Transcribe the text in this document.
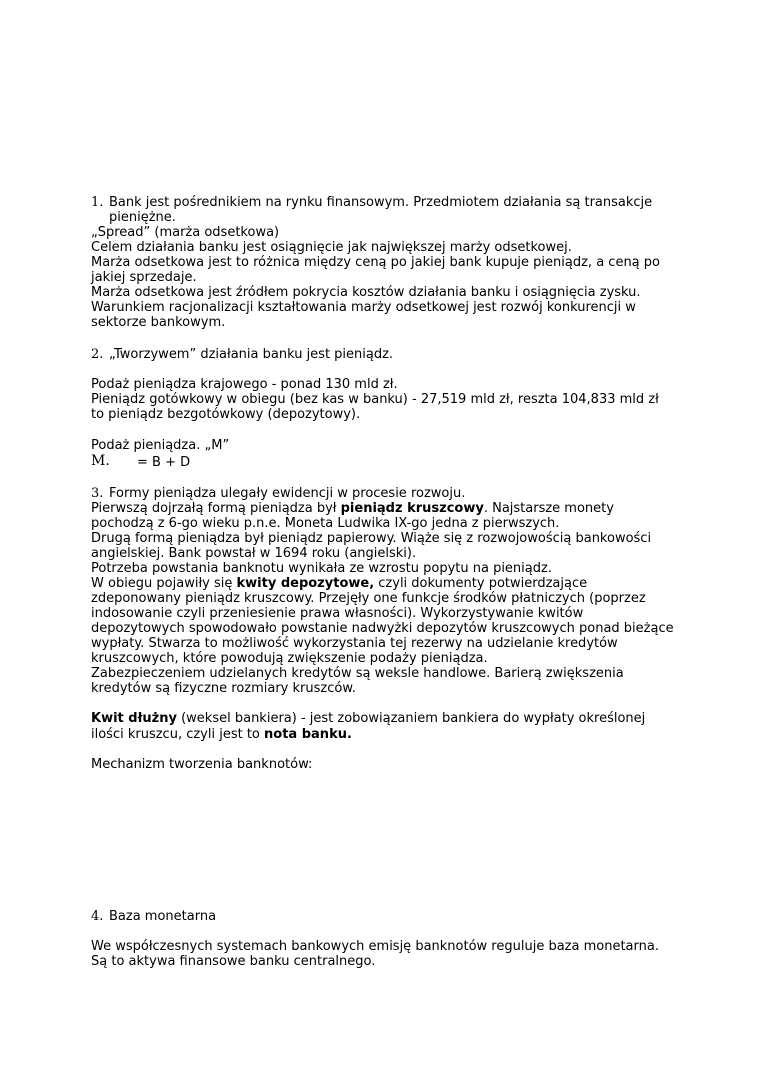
1. Bank jest pośrednikiem na rynku finansowym. Przedmiotem działania są transakcje
pieniężne.
„Spread” (marża odsetkowa)
Celem działania banku jest osiągnięcie jak największej marży odsetkowej.
Marża odsetkowa jest to różnica między ceną po jakiej bank kupuje pieniądz, a ceną po
jakiej sprzedaje.
Marża odsetkowa jest źródłem pokrycia kosztów działania banku i osiągnięcia zysku.
Warunkiem racjonalizacji kształtowania marży odsetkowej jest rozwój konkurencji w
sektorze bankowym.
2. „Tworzywem” działania banku jest pieniądz.
Podaż pieniądza krajowego - ponad 130 mld zł.
Pieniądz gotówkowy w obiegu (bez kas w banku) - 27,519 mld zł, reszta 104,833 mld zł
to pieniądz bezgotówkowy (depozytowy).
Podaż pieniądza. „M”
M. = B + D
3. Formy pieniądza ulegały ewidencji w procesie rozwoju.
Pierwszą dojrzałą formą pieniądza był pieniądz kruszcowy. Najstarsze monety
pochodzą z 6-go wieku p.n.e. Moneta Ludwika IX-go jedna z pierwszych.
Drugą formą pieniądza był pieniądz papierowy. Wiąże się z rozwojowością bankowości
angielskiej. Bank powstał w 1694 roku (angielski).
Potrzeba powstania banknotu wynikała ze wzrostu popytu na pieniądz.
W obiegu pojawiły się kwity depozytowe, czyli dokumenty potwierdzające
zdeponowany pieniądz kruszcowy. Przejęły one funkcje środków płatniczych (poprzez
indosowanie czyli przeniesienie prawa własności). Wykorzystywanie kwitów
depozytowych spowodowało powstanie nadwyżki depozytów kruszcowych ponad bieżące
wypłaty. Stwarza to możliwość wykorzystania tej rezerwy na udzielanie kredytów
kruszcowych, które powodują zwiększenie podaży pieniądza.
Zabezpieczeniem udzielanych kredytów są weksle handlowe. Barierą zwiększenia
kredytów są fizyczne rozmiary kruszców.
Kwit dłużny (weksel bankiera) - jest zobowiązaniem bankiera do wypłaty określonej
ilości kruszcu, czyli jest to nota banku.
Mechanizm tworzenia banknotów:
4. Baza monetarna
We współczesnych systemach bankowych emisję banknotów reguluje baza monetarna.
Są to aktywa finansowe banku centralnego.
